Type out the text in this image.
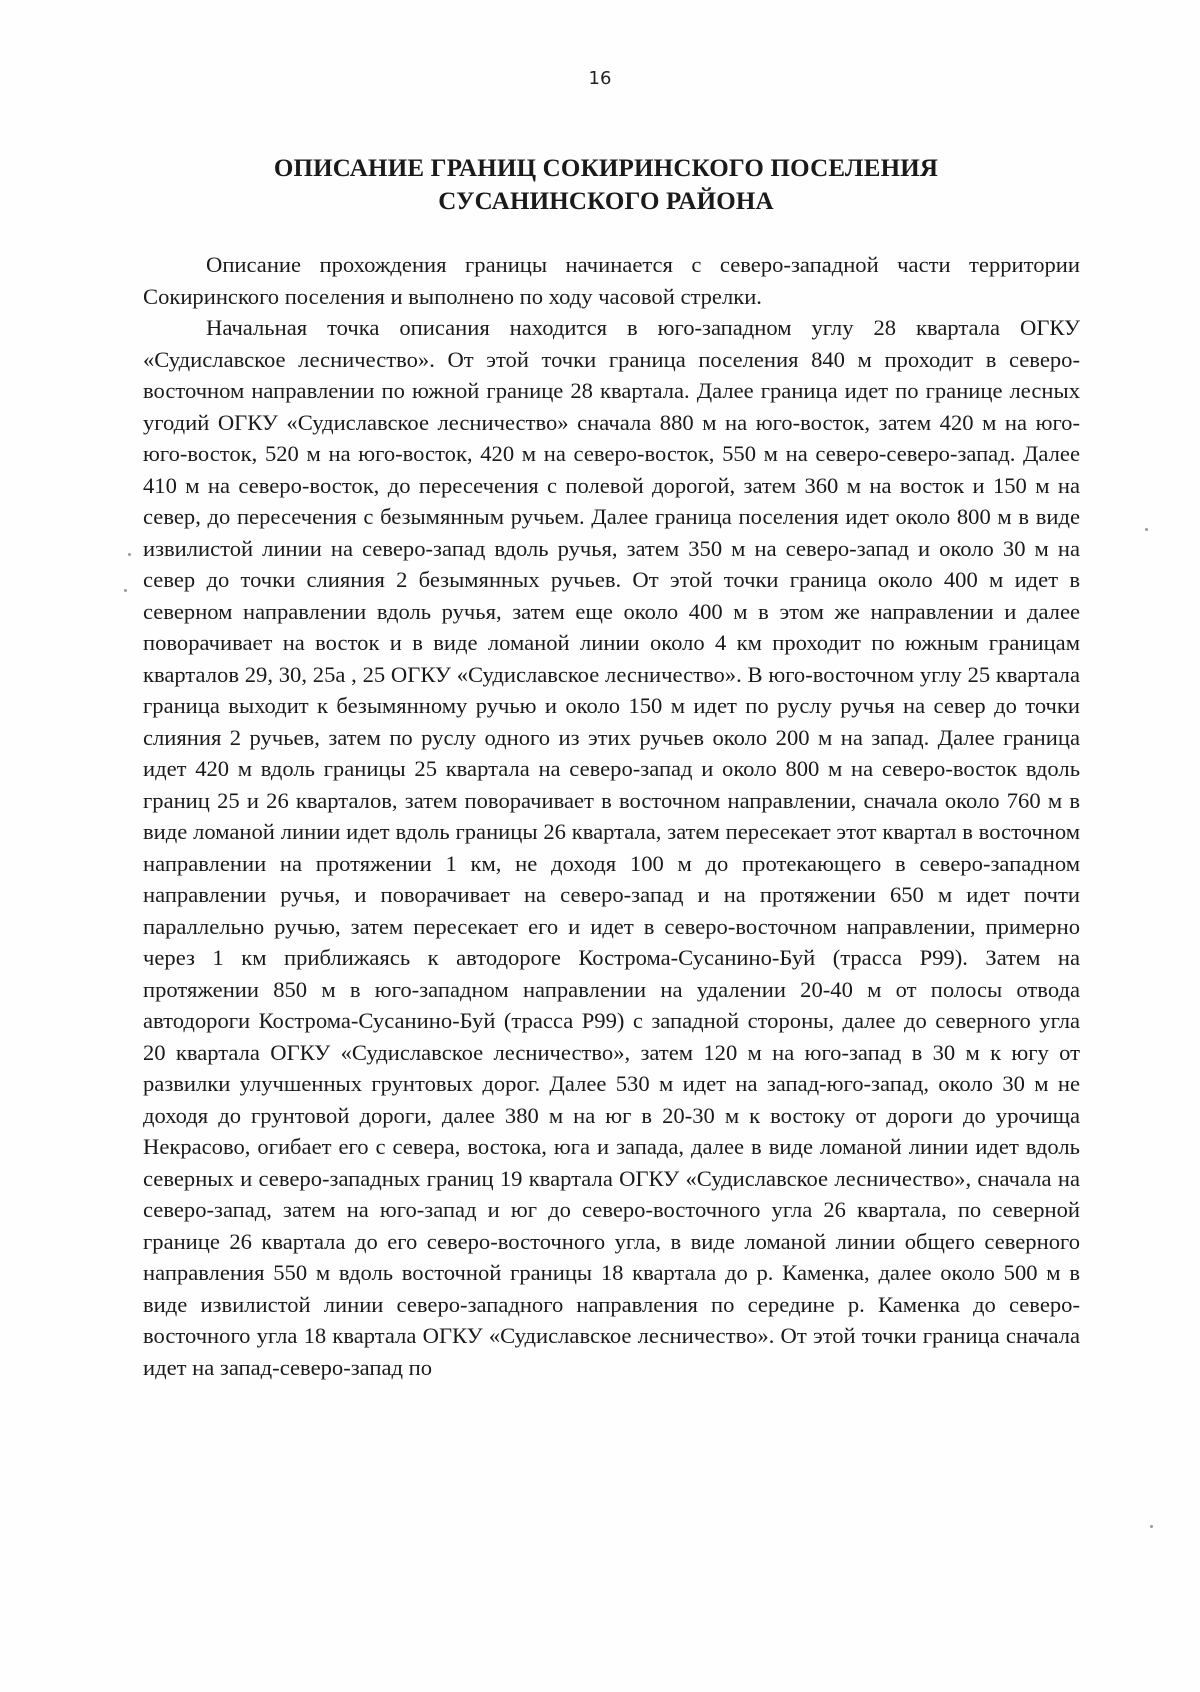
16
ОПИСАНИЕ ГРАНИЦ СОКИРИНСКОГО ПОСЕЛЕНИЯ
СУСАНИНСКОГО РАЙОНА

Описание прохождения границы начинается с северо-западной части территории Сокиринского поселения и выполнено по ходу часовой стрелки.

Начальная точка описания находится в юго-западном углу 28 квартала ОГКУ «Судиславское лесничество». От этой точки граница поселения 840 м проходит в северо-восточном направлении по южной границе 28 квартала. Далее граница идет по границе лесных угодий ОГКУ «Судиславское лесничество» сначала 880 м на юго-восток, затем 420 м на юго-юго-восток, 520 м на юго-восток, 420 м на северо-восток, 550 м на северо-северо-запад. Далее 410 м на северо-восток, до пересечения с полевой дорогой, затем 360 м на восток и 150 м на север, до пересечения с безымянным ручьем. Далее граница поселения идет около 800 м в виде извилистой линии на северо-запад вдоль ручья, затем 350 м на северо-запад и около 30 м на север до точки слияния 2 безымянных ручьев. От этой точки граница около 400 м идет в северном направлении вдоль ручья, затем еще около 400 м в этом же направлении и далее поворачивает на восток и в виде ломаной линии около 4 км проходит по южным границам кварталов 29, 30, 25а , 25 ОГКУ «Судиславское лесничество». В юго-восточном углу 25 квартала граница выходит к безымянному ручью и около 150 м идет по руслу ручья на север до точки слияния 2 ручьев, затем по руслу одного из этих ручьев около 200 м на запад. Далее граница идет 420 м вдоль границы 25 квартала на северо-запад и около 800 м на северо-восток вдоль границ 25 и 26 кварталов, затем поворачивает в восточном направлении, сначала около 760 м в виде ломаной линии идет вдоль границы 26 квартала, затем пересекает этот квартал в восточном направлении на протяжении 1 км, не доходя 100 м до протекающего в северо-западном направлении ручья, и поворачивает на северо-запад и на протяжении 650 м идет почти параллельно ручью, затем пересекает его и идет в северо-восточном направлении, примерно через 1 км приближаясь к автодороге Кострома-Сусанино-Буй (трасса Р99). Затем на протяжении 850 м в юго-западном направлении на удалении 20-40 м от полосы отвода автодороги Кострома-Сусанино-Буй (трасса Р99) с западной стороны, далее до северного угла 20 квартала ОГКУ «Судиславское лесничество», затем 120 м на юго-запад в 30 м к югу от развилки улучшенных грунтовых дорог. Далее 530 м идет на запад-юго-запад, около 30 м не доходя до грунтовой дороги, далее 380 м на юг в 20-30 м к востоку от дороги до урочища Некрасово, огибает его с севера, востока, юга и запада, далее в виде ломаной линии идет вдоль северных и северо-западных границ 19 квартала ОГКУ «Судиславское лесничество», сначала на северо-запад, затем на юго-запад и юг до северо-восточного угла 26 квартала, по северной границе 26 квартала до его северо-восточного угла, в виде ломаной линии общего северного направления 550 м вдоль восточной границы 18 квартала до р. Каменка, далее около 500 м в виде извилистой линии северо-западного направления по середине р. Каменка до северо-восточного угла 18 квартала ОГКУ «Судиславское лесничество». От этой точки граница сначала идет на запад-северо-запад по
